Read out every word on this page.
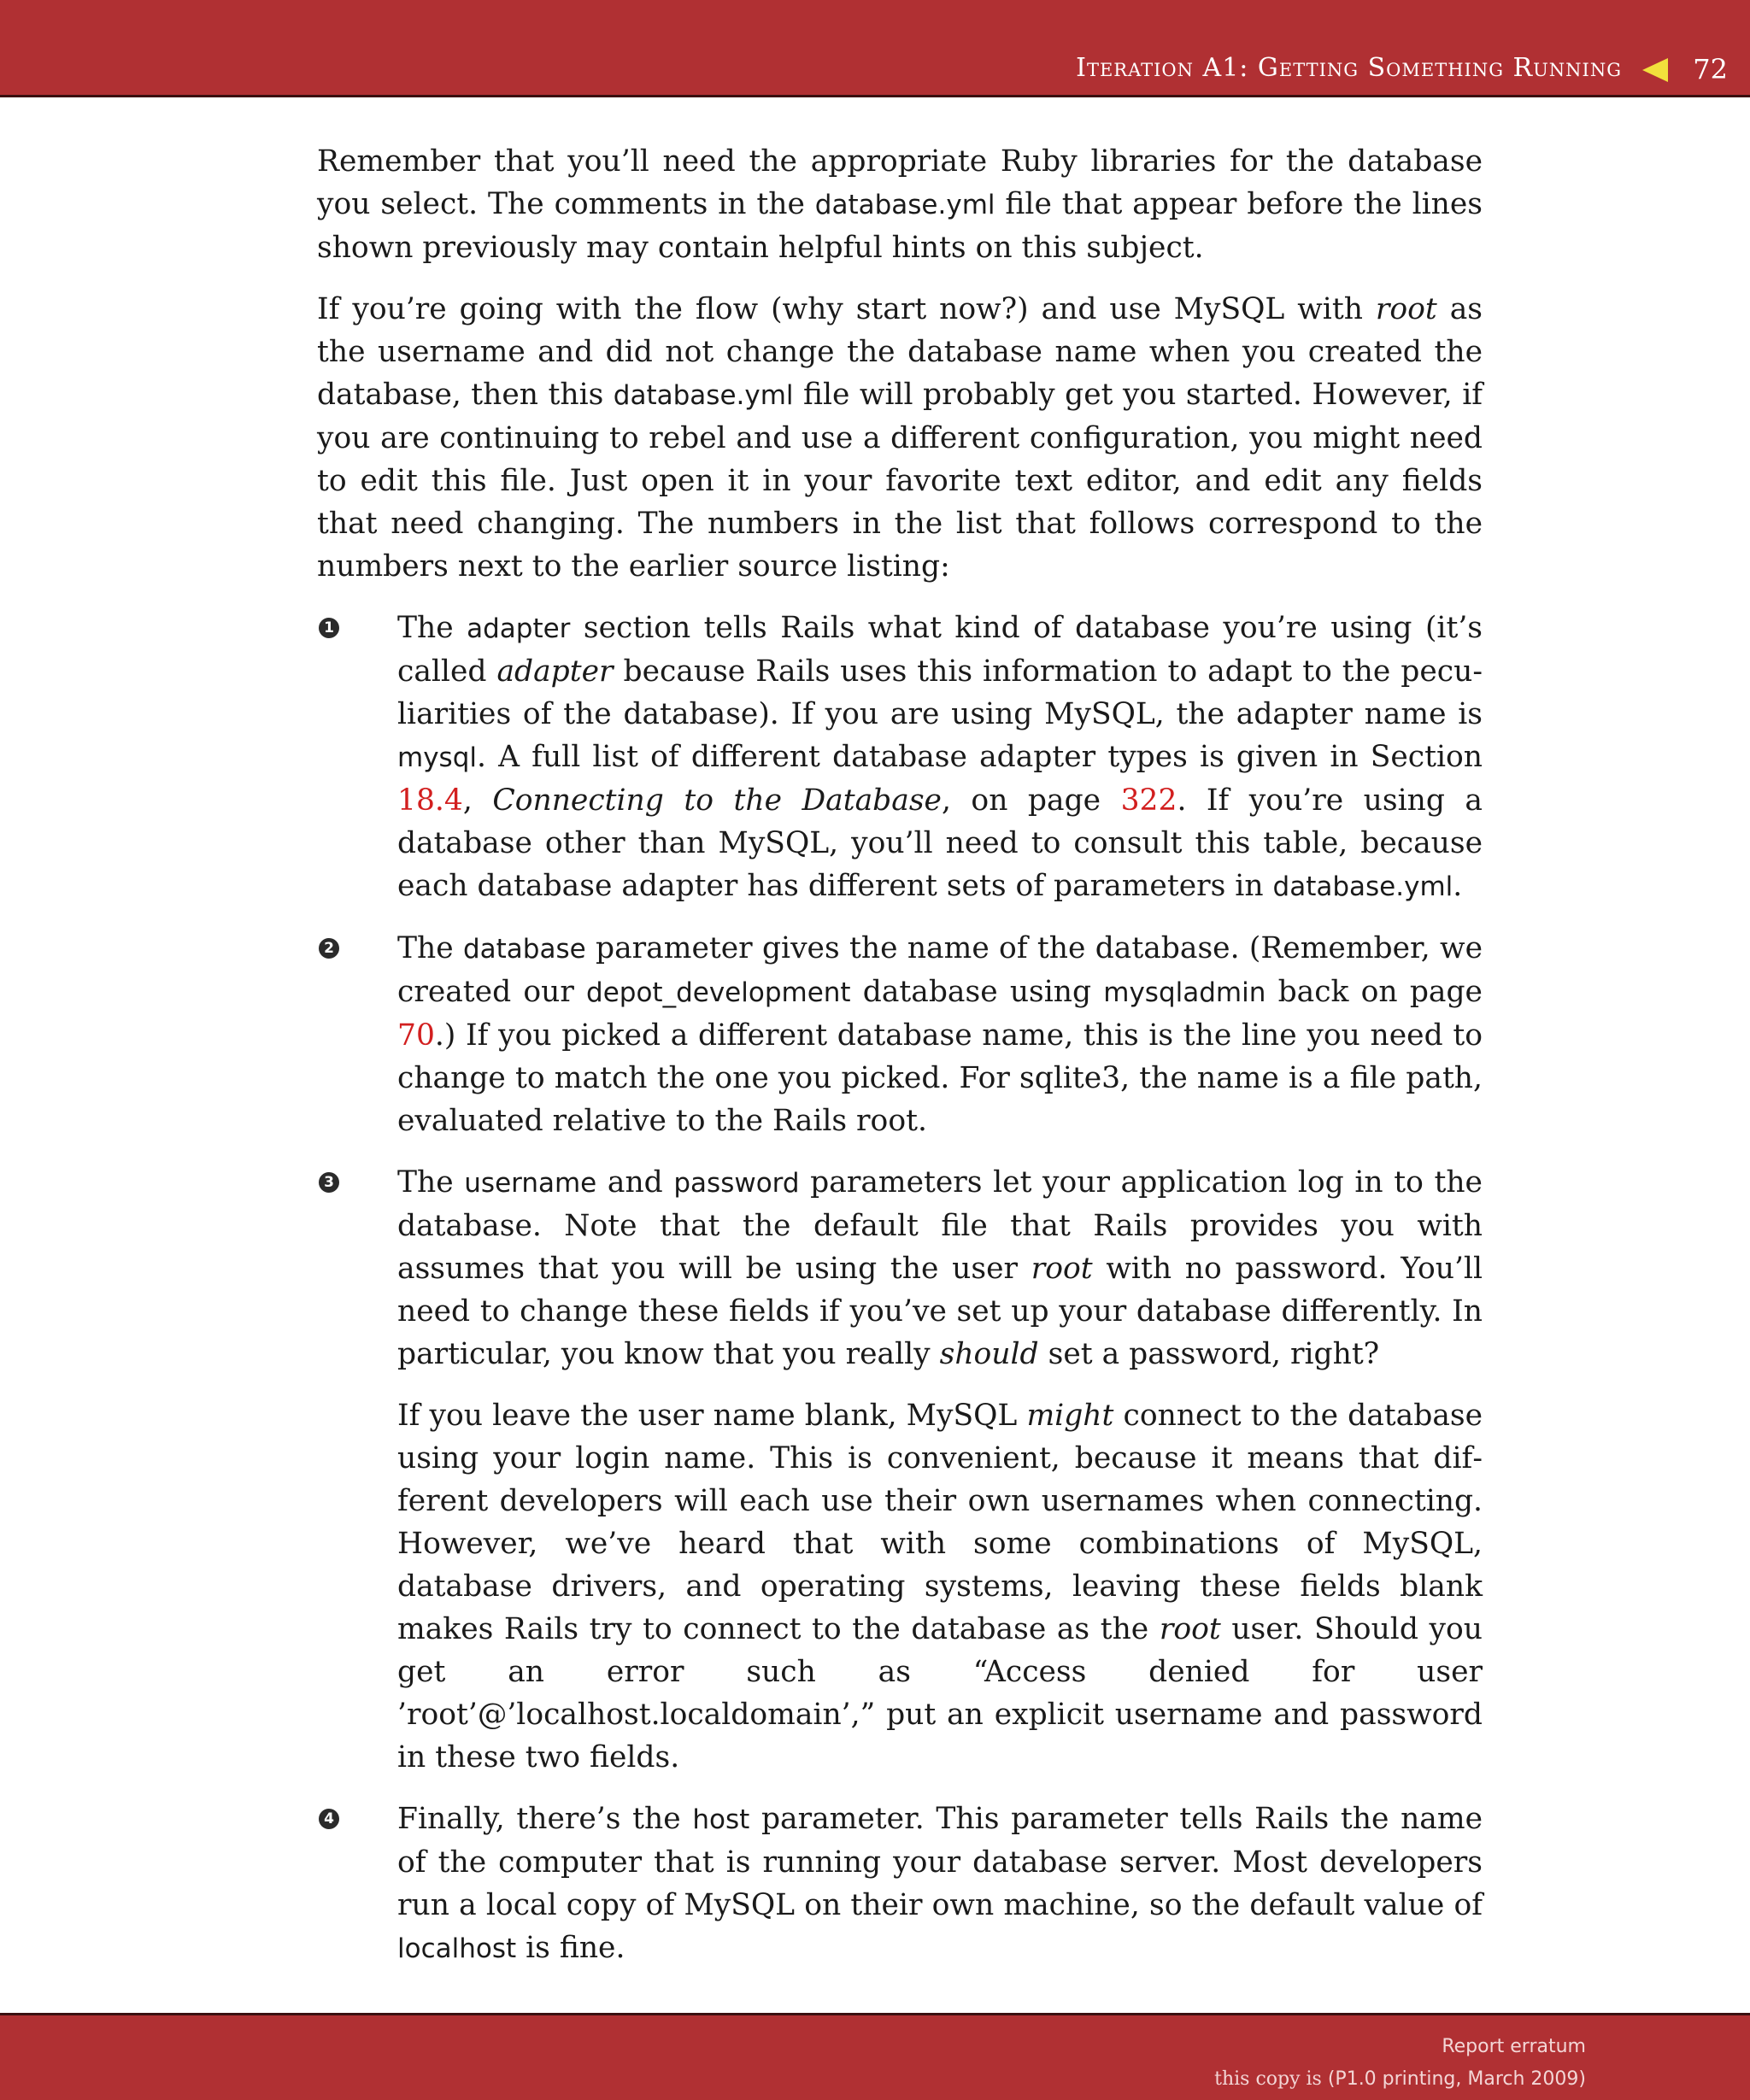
Iteration A1: Getting Something Running	72

Remember that you’ll need the appropriate Ruby libraries for the database you select. The comments in the database.yml file that appear before the lines shown previously may contain helpful hints on this subject.

If you’re going with the flow (why start now?) and use MySQL with root as the username and did not change the database name when you created the database, then this database.yml file will probably get you started. However, if you are continuing to rebel and use a different configuration, you might need to edit this file. Just open it in your favorite text editor, and edit any fields that need changing. The numbers in the list that follows correspond to the numbers next to the earlier source listing:

1 The adapter section tells Rails what kind of database you’re using (it’s called adapter because Rails uses this information to adapt to the peculiarities of the database). If you are using MySQL, the adapter name is mysql. A full list of different database adapter types is given in Section 18.4, Connecting to the Database, on page 322. If you’re using a database other than MySQL, you’ll need to consult this table, because each database adapter has different sets of parameters in database.yml.

2 The database parameter gives the name of the database. (Remember, we created our depot_development database using mysqladmin back on page 70.) If you picked a different database name, this is the line you need to change to match the one you picked. For sqlite3, the name is a file path, evaluated relative to the Rails root.

3 The username and password parameters let your application log in to the database. Note that the default file that Rails provides you with assumes that you will be using the user root with no password. You’ll need to change these fields if you’ve set up your database differently. In particular, you know that you really should set a password, right?

If you leave the user name blank, MySQL might connect to the database using your login name. This is convenient, because it means that different developers will each use their own usernames when connecting. However, we’ve heard that with some combinations of MySQL, database drivers, and operating systems, leaving these fields blank makes Rails try to connect to the database as the root user. Should you get an error such as “Access denied for user ’root’@’localhost.localdomain’,” put an explicit username and password in these two fields.

4 Finally, there’s the host parameter. This parameter tells Rails the name of the computer that is running your database server. Most developers run a local copy of MySQL on their own machine, so the default value of localhost is fine.

Report erratum
this copy is (P1.0 printing, March 2009)
